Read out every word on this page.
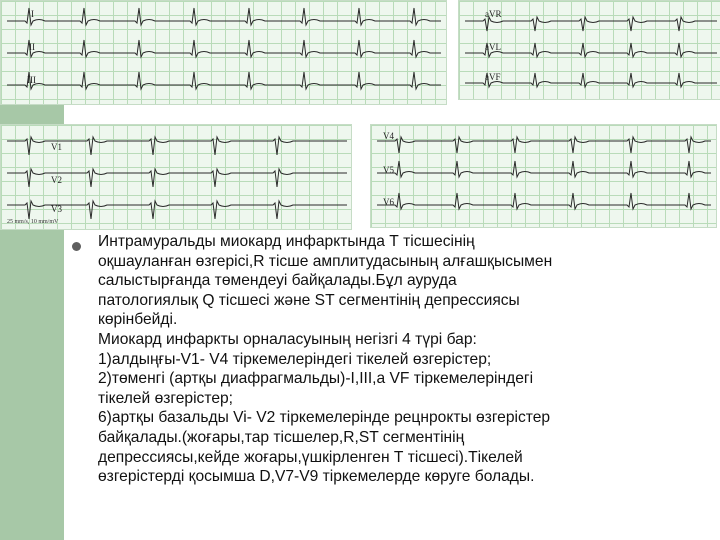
I
II
III
aVR
aVL
aVF
V1
V2
V3
25 mm/s, 10 mm/mV
V4
V5
V6
Интрамуральды миокард инфарктында Т тісшесінің
оқшауланған өзгерісі,R тісше амплитудасының алғашқысымен
салыстырғанда төмендеуі байқалады.Бұл аурудa
патологиялық Q тісшесі және ST сегментінің депрессиясы
көрінбейді.
Миокард инфаркты орналасуының негізгі 4 түрі бар:
1)алдыңғы-V1- V4 тіркемелеріндегі тікелей өзгерістер;
2)төменгі (артқы диафрагмальды)-I,III,a VF тіркемелеріндегі
тікелей өзгерістер;
6)артқы базальды Vi- V2 тіркемелерінде рецнрокты өзгерістер
байқалады.(жоғары,тар тісшелер,R,ST сегментінің
депрессиясы,кейде жоғары,үшкірленген Т тісшесі).Тікелей
өзгерістерді қосымша D,V7-V9 тіркемелерде көруге болады.
